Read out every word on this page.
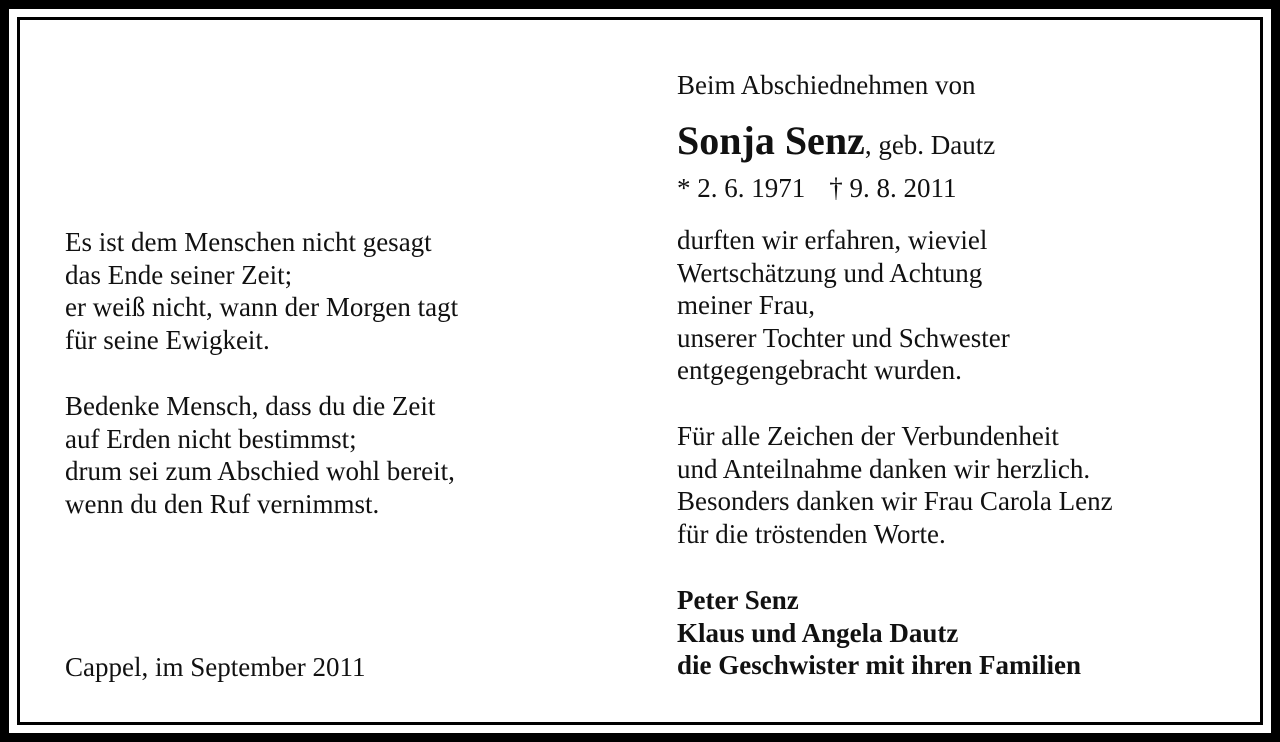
Es ist dem Menschen nicht gesagt
das Ende seiner Zeit;
er weiß nicht, wann der Morgen tagt
für seine Ewigkeit.
Bedenke Mensch, dass du die Zeit
auf Erden nicht bestimmst;
drum sei zum Abschied wohl bereit,
wenn du den Ruf vernimmst.
Cappel, im September 2011
Beim Abschiednehmen von
Sonja Senz, geb. Dautz
* 2. 6. 1971 † 9. 8. 2011
durften wir erfahren, wieviel
Wertschätzung und Achtung
meiner Frau,
unserer Tochter und Schwester
entgegengebracht wurden.
Für alle Zeichen der Verbundenheit
und Anteilnahme danken wir herzlich.
Besonders danken wir Frau Carola Lenz
für die tröstenden Worte.
Peter Senz
Klaus und Angela Dautz
die Geschwister mit ihren Familien
